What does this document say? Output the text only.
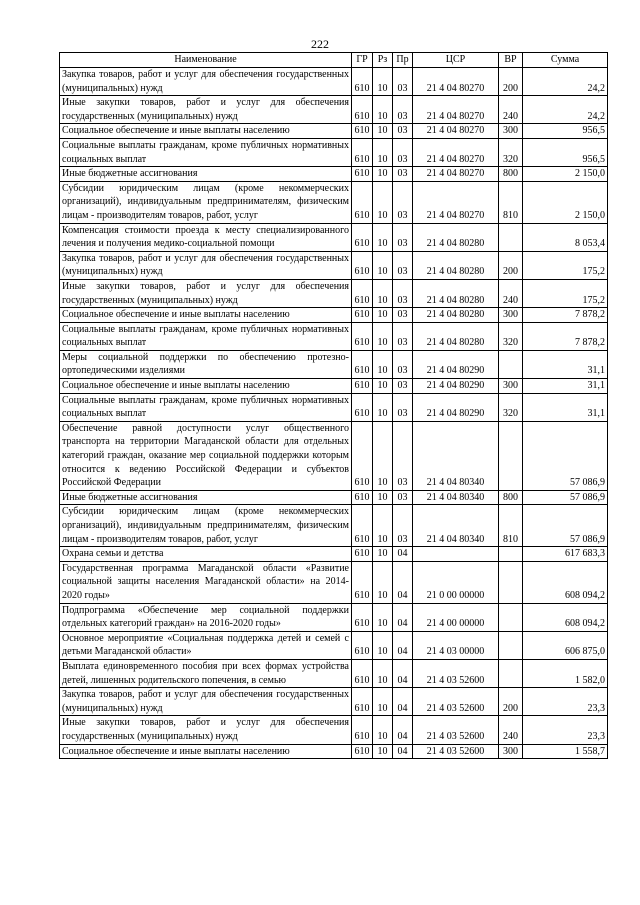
222
Наименование	ГР	Рз	Пр	ЦСР	ВР	Сумма
Закупка товаров, работ и услуг для обеспечения государственных (муниципальных) нужд	610	10	03	21 4 04 80270	200	24,2
Иные закупки товаров, работ и услуг для обеспечения государственных (муниципальных) нужд	610	10	03	21 4 04 80270	240	24,2
Социальное обеспечение и иные выплаты населению	610	10	03	21 4 04 80270	300	956,5
Социальные выплаты гражданам, кроме публичных нормативных социальных выплат	610	10	03	21 4 04 80270	320	956,5
Иные бюджетные ассигнования	610	10	03	21 4 04 80270	800	2 150,0
Субсидии юридическим лицам (кроме некоммерческих организаций), индивидуальным предпринимателям, физическим лицам - производителям товаров, работ, услуг	610	10	03	21 4 04 80270	810	2 150,0
Компенсация стоимости проезда к месту специализированного лечения и получения медико-социальной помощи	610	10	03	21 4 04 80280		8 053,4
Закупка товаров, работ и услуг для обеспечения государственных (муниципальных) нужд	610	10	03	21 4 04 80280	200	175,2
Иные закупки товаров, работ и услуг для обеспечения государственных (муниципальных) нужд	610	10	03	21 4 04 80280	240	175,2
Социальное обеспечение и иные выплаты населению	610	10	03	21 4 04 80280	300	7 878,2
Социальные выплаты гражданам, кроме публичных нормативных социальных выплат	610	10	03	21 4 04 80280	320	7 878,2
Меры социальной поддержки по обеспечению протезно-ортопедическими изделиями	610	10	03	21 4 04 80290		31,1
Социальное обеспечение и иные выплаты населению	610	10	03	21 4 04 80290	300	31,1
Социальные выплаты гражданам, кроме публичных нормативных социальных выплат	610	10	03	21 4 04 80290	320	31,1
Обеспечение равной доступности услуг общественного транспорта на территории Магаданской области для отдельных категорий граждан, оказание мер социальной поддержки которым относится к ведению Российской Федерации и субъектов Российской Федерации	610	10	03	21 4 04 80340		57 086,9
Иные бюджетные ассигнования	610	10	03	21 4 04 80340	800	57 086,9
Субсидии юридическим лицам (кроме некоммерческих организаций), индивидуальным предпринимателям, физическим лицам - производителям товаров, работ, услуг	610	10	03	21 4 04 80340	810	57 086,9
Охрана семьи и детства	610	10	04			617 683,3
Государственная программа Магаданской области «Развитие социальной защиты населения Магаданской области» на 2014-2020 годы»	610	10	04	21 0 00 00000		608 094,2
Подпрограмма «Обеспечение мер социальной поддержки отдельных категорий граждан» на 2016-2020 годы»	610	10	04	21 4 00 00000		608 094,2
Основное мероприятие «Социальная поддержка детей и семей с детьми Магаданской области»	610	10	04	21 4 03 00000		606 875,0
Выплата единовременного пособия при всех формах устройства детей, лишенных родительского попечения, в семью	610	10	04	21 4 03 52600		1 582,0
Закупка товаров, работ и услуг для обеспечения государственных (муниципальных) нужд	610	10	04	21 4 03 52600	200	23,3
Иные закупки товаров, работ и услуг для обеспечения государственных (муниципальных) нужд	610	10	04	21 4 03 52600	240	23,3
Социальное обеспечение и иные выплаты населению	610	10	04	21 4 03 52600	300	1 558,7
